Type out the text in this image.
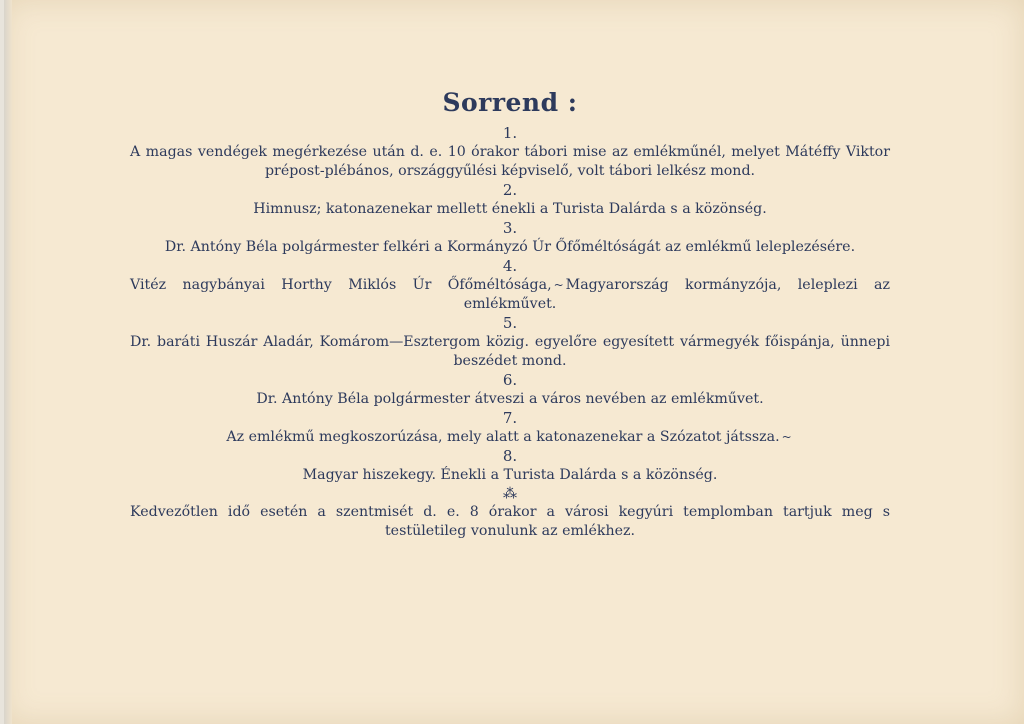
Sorrend :
1.
A magas vendégek megérkezése után d. e. 10 órakor tábori mise az emlékműnél, melyet Mátéffy Viktor prépost-plébános, országgyűlési képviselő, volt tábori lelkész mond.
2.
Himnusz; katonazenekar mellett énekli a Turista Dalárda s a közönség.
3.
Dr. Antóny Béla polgármester felkéri a Kormányzó Úr Őfőméltóságát az emlékmű leleplezésére.
4.
Vitéz nagybányai Horthy Miklós Úr Őfőméltósága, ~ Magyarország kormányzója, leleplezi az emlékművet.
5.
Dr. baráti Huszár Aladár, Komárom—Esztergom közig. egyelőre egyesített vármegyék főispánja, ünnepi beszédet mond.
6.
Dr. Antóny Béla polgármester átveszi a város nevében az emlékművet.
7.
Az emlékmű megkoszorúzása, mely alatt a katonazenekar a Szózatot játssza. ~
8.
Magyar hiszekegy. Énekli a Turista Dalárda s a közönség.
⁂
Kedvezőtlen idő esetén a szentmisét d. e. 8 órakor a városi kegyúri templomban tartjuk meg s testületileg vonulunk az emlékhez.
